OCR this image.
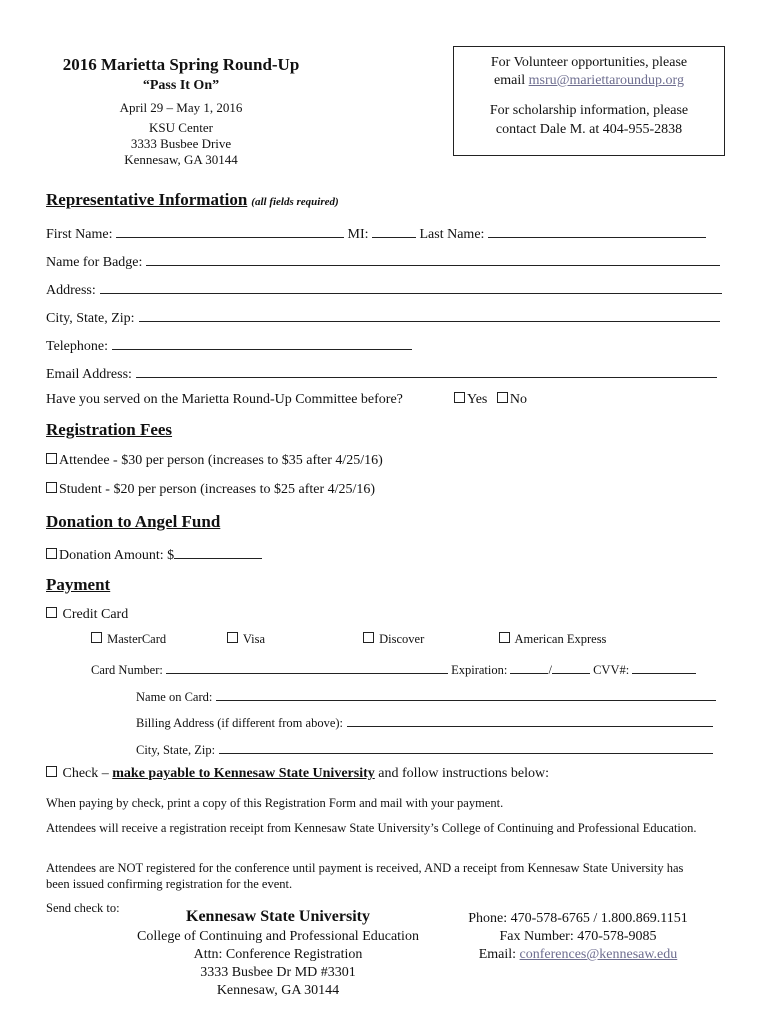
2016 Marietta Spring Round-Up
“Pass It On”
April 29 – May 1, 2016
KSU Center
3333 Busbee Drive
Kennesaw, GA 30144
For Volunteer opportunities, please
email msru@mariettaroundup.org
For scholarship information, please
contact Dale M. at 404-955-2838
Representative Information (all fields required)
First Name:	MI:	Last Name:
Name for Badge:
Address:
City, State, Zip:
Telephone:
Email Address:
Have you served on the Marietta Round-Up Committee before?	Yes No
Registration Fees
Attendee - $30 per person (increases to $35 after 4/25/16)
Student - $20 per person (increases to $25 after 4/25/16)
Donation to Angel Fund
Donation Amount: $
Payment
Credit Card
MasterCard	Visa	Discover	American Express
Card Number:	Expiration:	/	CVV#:
Name on Card:
Billing Address (if different from above):
City, State, Zip:
Check – make payable to Kennesaw State University and follow instructions below:
When paying by check, print a copy of this Registration Form and mail with your payment.
Attendees will receive a registration receipt from Kennesaw State University’s College of Continuing and Professional Education.
Attendees are NOT registered for the conference until payment is received, AND a receipt from Kennesaw State University has been issued confirming registration for the event.
Send check to:	Kennesaw State University
College of Continuing and Professional Education
Attn: Conference Registration
3333 Busbee Dr MD #3301
Kennesaw, GA 30144
Phone: 470-578-6765 / 1.800.869.1151
Fax Number: 470-578-9085
Email: conferences@kennesaw.edu
